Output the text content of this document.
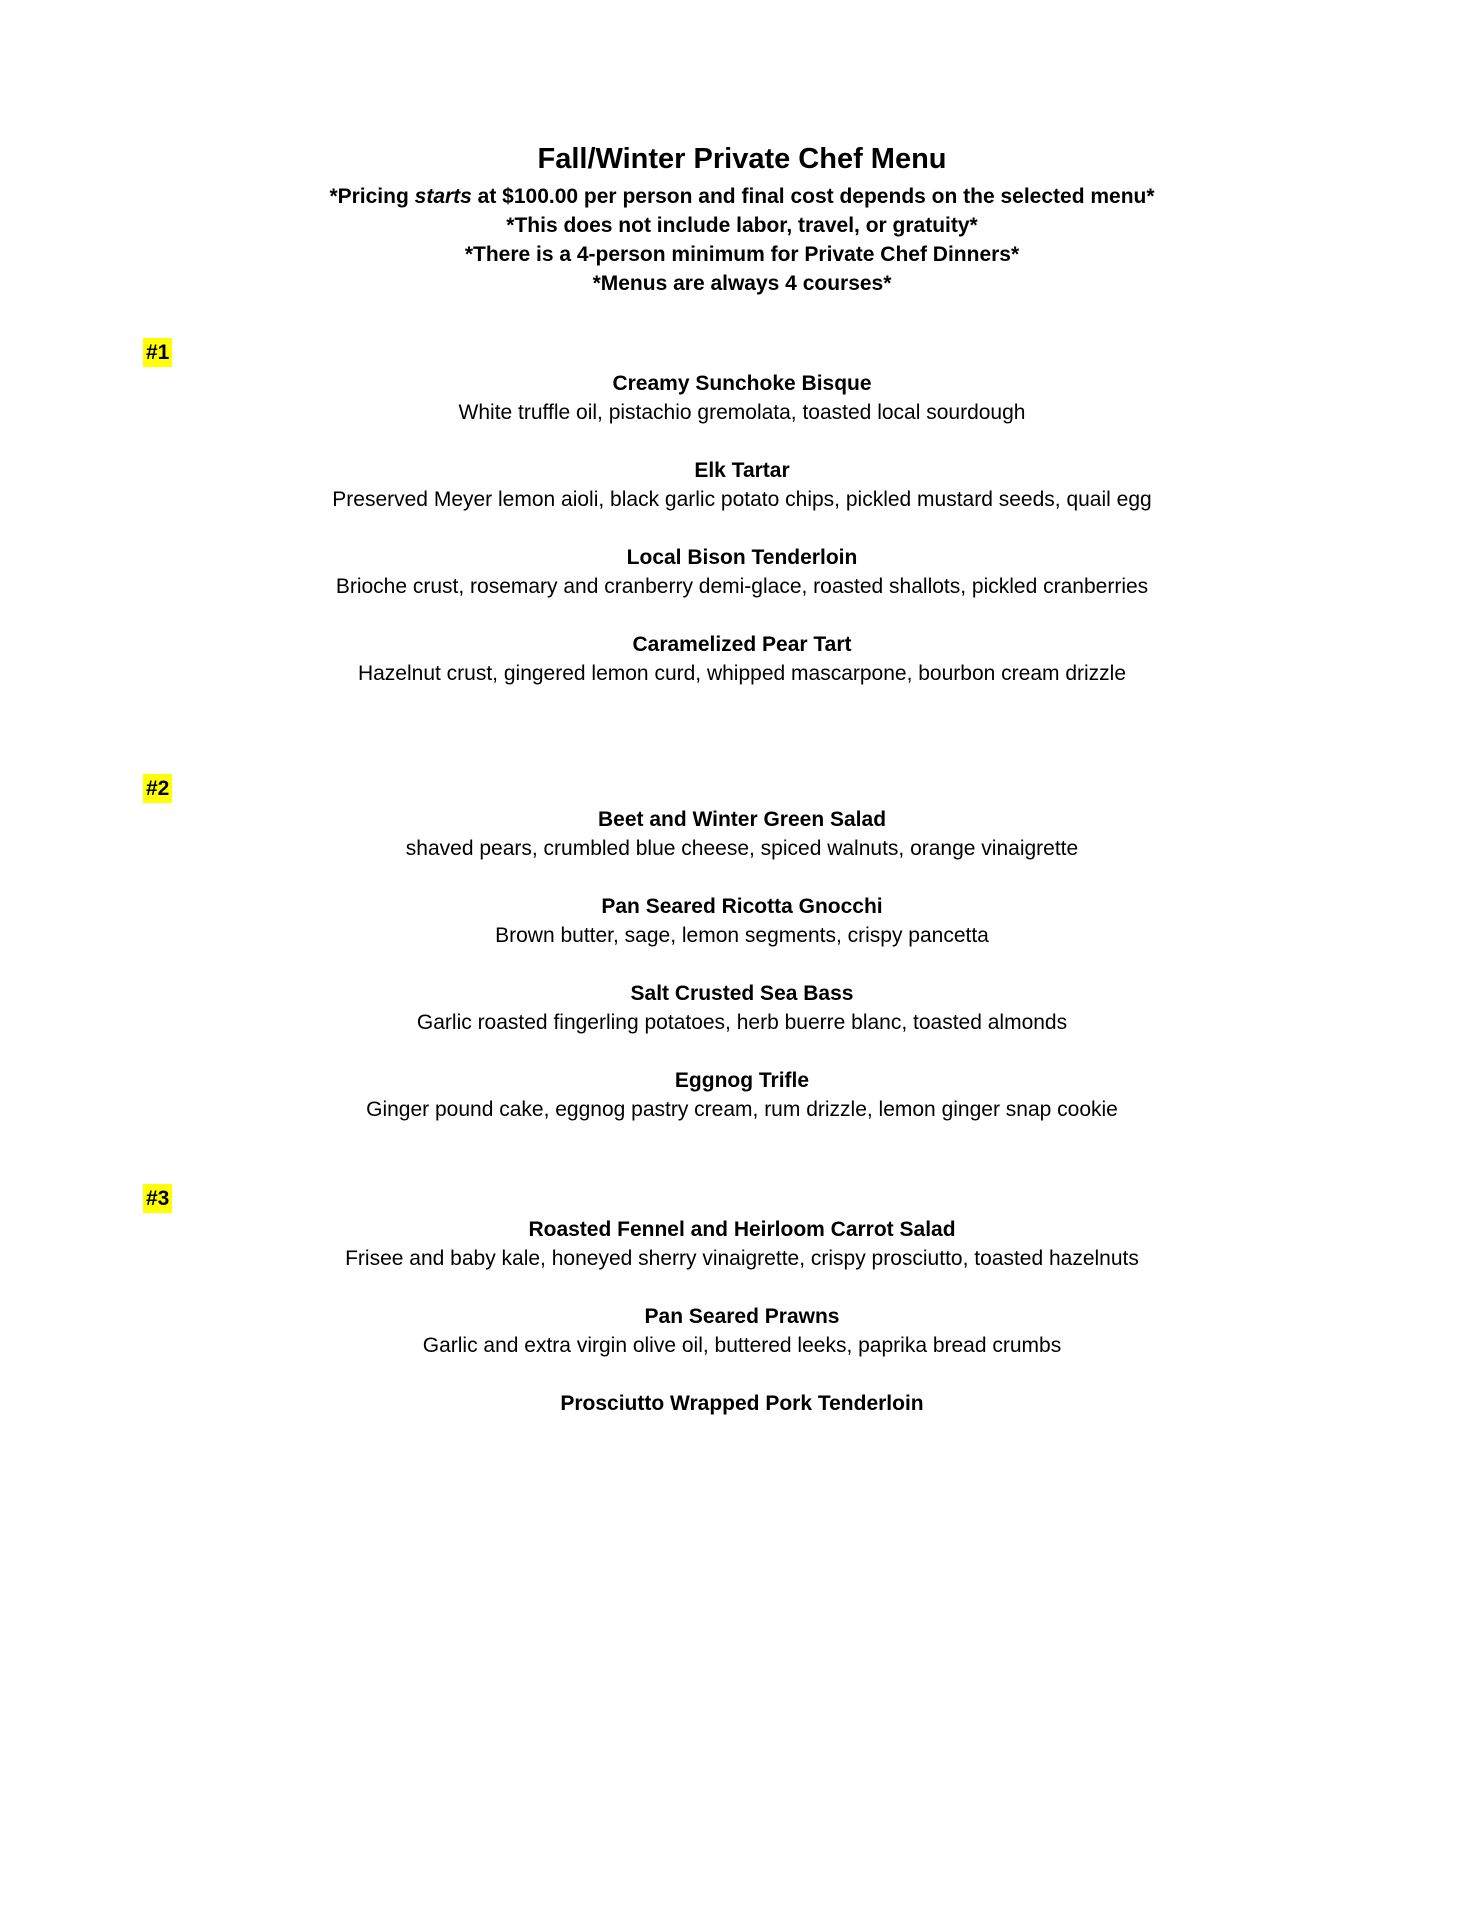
Fall/Winter Private Chef Menu
*Pricing starts at $100.00 per person and final cost depends on the selected menu*
*This does not include labor, travel, or gratuity*
*There is a 4-person minimum for Private Chef Dinners*
*Menus are always 4 courses*
#1
Creamy Sunchoke Bisque
White truffle oil, pistachio gremolata, toasted local sourdough
Elk Tartar
Preserved Meyer lemon aioli, black garlic potato chips, pickled mustard seeds, quail egg
Local Bison Tenderloin
Brioche crust, rosemary and cranberry demi-glace, roasted shallots, pickled cranberries
Caramelized Pear Tart
Hazelnut crust, gingered lemon curd, whipped mascarpone, bourbon cream drizzle
#2
Beet and Winter Green Salad
shaved pears, crumbled blue cheese, spiced walnuts, orange vinaigrette
Pan Seared Ricotta Gnocchi
Brown butter, sage, lemon segments, crispy pancetta
Salt Crusted Sea Bass
Garlic roasted fingerling potatoes, herb buerre blanc, toasted almonds
Eggnog Trifle
Ginger pound cake, eggnog pastry cream, rum drizzle, lemon ginger snap cookie
#3
Roasted Fennel and Heirloom Carrot Salad
Frisee and baby kale, honeyed sherry vinaigrette, crispy prosciutto, toasted hazelnuts
Pan Seared Prawns
Garlic and extra virgin olive oil, buttered leeks, paprika bread crumbs
Prosciutto Wrapped Pork Tenderloin
